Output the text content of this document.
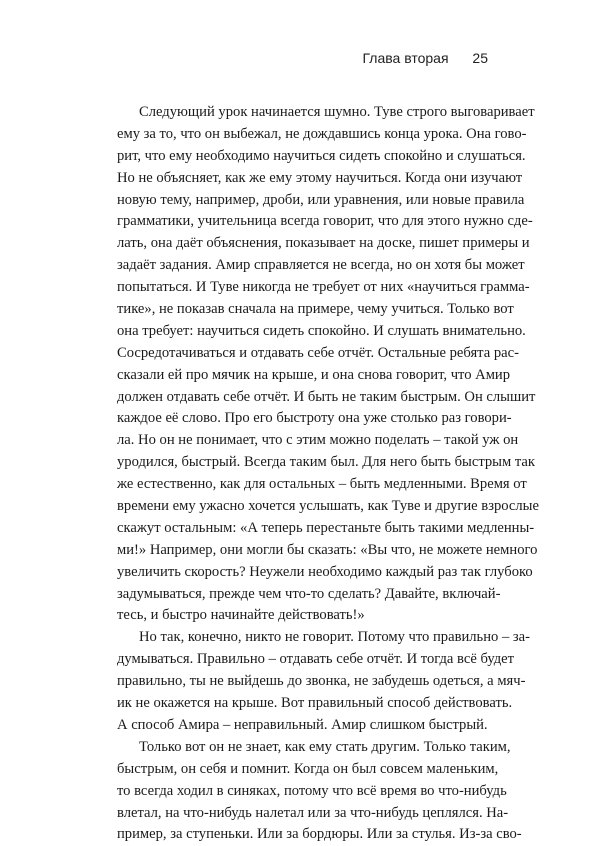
Глава вторая 25
Следующий урок начинается шумно. Туве строго выговаривает
ему за то, что он выбежал, не дождавшись конца урока. Она гово-
рит, что ему необходимо научиться сидеть спокойно и слушаться.
Но не объясняет, как же ему этому научиться. Когда они изучают
новую тему, например, дроби, или уравнения, или новые правила
грамматики, учительница всегда говорит, что для этого нужно сде-
лать, она даёт объяснения, показывает на доске, пишет примеры и
задаёт задания. Амир справляется не всегда, но он хотя бы может
попытаться. И Туве никогда не требует от них «научиться грамма-
тике», не показав сначала на примере, чему учиться. Только вот
она требует: научиться сидеть спокойно. И слушать внимательно.
Сосредотачиваться и отдавать себе отчёт. Остальные ребята рас-
сказали ей про мячик на крыше, и она снова говорит, что Амир
должен отдавать себе отчёт. И быть не таким быстрым. Он слышит
каждое её слово. Про его быстроту она уже столько раз говори-
ла. Но он не понимает, что с этим можно поделать – такой уж он
уродился, быстрый. Всегда таким был. Для него быть быстрым так
же естественно, как для остальных – быть медленными. Время от
времени ему ужасно хочется услышать, как Туве и другие взрослые
скажут остальным: «А теперь перестаньте быть такими медленны-
ми!» Например, они могли бы сказать: «Вы что, не можете немного
увеличить скорость? Неужели необходимо каждый раз так глубоко
задумываться, прежде чем что-то сделать? Давайте, включай-
тесь, и быстро начинайте действовать!»
Но так, конечно, никто не говорит. Потому что правильно – за-
думываться. Правильно – отдавать себе отчёт. И тогда всё будет
правильно, ты не выйдешь до звонка, не забудешь одеться, а мяч-
ик не окажется на крыше. Вот правильный способ действовать.
А способ Амира – неправильный. Амир слишком быстрый.
Только вот он не знает, как ему стать другим. Только таким,
быстрым, он себя и помнит. Когда он был совсем маленьким,
то всегда ходил в синяках, потому что всё время во что-нибудь
влетал, на что-нибудь налетал или за что-нибудь цеплялся. На-
пример, за ступеньки. Или за бордюры. Или за стулья. Из-за сво-
